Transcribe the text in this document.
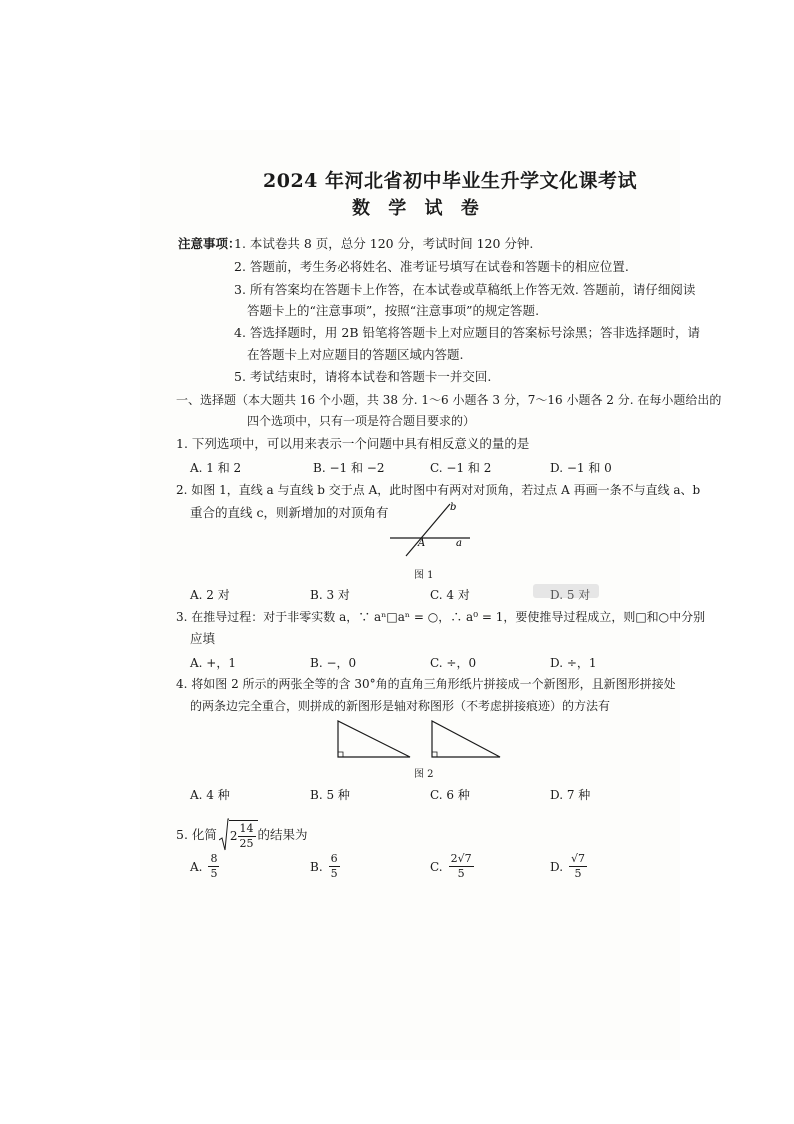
2024 年河北省初中毕业生升学文化课考试
数 学 试 卷
注意事项：
1. 本试卷共 8 页，总分 120 分，考试时间 120 分钟.
2. 答题前，考生务必将姓名、准考证号填写在试卷和答题卡的相应位置.
3. 所有答案均在答题卡上作答，在本试卷或草稿纸上作答无效. 答题前，请仔细阅读
答题卡上的“注意事项”，按照“注意事项”的规定答题.
4. 答选择题时，用 2B 铅笔将答题卡上对应题目的答案标号涂黑；答非选择题时，请
在答题卡上对应题目的答题区域内答题.
5. 考试结束时，请将本试卷和答题卡一并交回.
一、选择题（本大题共 16 个小题，共 38 分. 1～6 小题各 3 分，7～16 小题各 2 分. 在每小题给出的
四个选项中，只有一项是符合题目要求的）
1. 下列选项中，可以用来表示一个问题中具有相反意义的量的是
A. 1 和 2	B. −1 和 −2	C. −1 和 2	D. −1 和 0
2. 如图 1，直线 a 与直线 b 交于点 A，此时图中有两对对顶角，若过点 A 再画一条不与直线 a、b
重合的直线 c，则新增加的对顶角有	b
A	a
图 1
A. 2 对	B. 3 对	C. 4 对	D. 5 对
3. 在推导过程：对于非零实数 a，∵ aⁿ□aⁿ = ○，∴ a⁰ = 1，要使推导过程成立，则□和○中分别
应填
A. +，1	B. −，0	C. ÷，0	D. ÷，1
4. 将如图 2 所示的两张全等的含 30°角的直角三角形纸片拼接成一个新图形，且新图形拼接处
的两条边完全重合，则拼成的新图形是轴对称图形（不考虑拼接痕迹）的方法有
图 2
A. 4 种	B. 5 种	C. 6 种	D. 7 种
5. 化简 $2 \frac{14}{25}$ 的结果为
A. $\frac{8}{5}$	B. $\frac{6}{5}$	C. $\frac{2√7}{5}$	D. $\frac{√7}{5}$
